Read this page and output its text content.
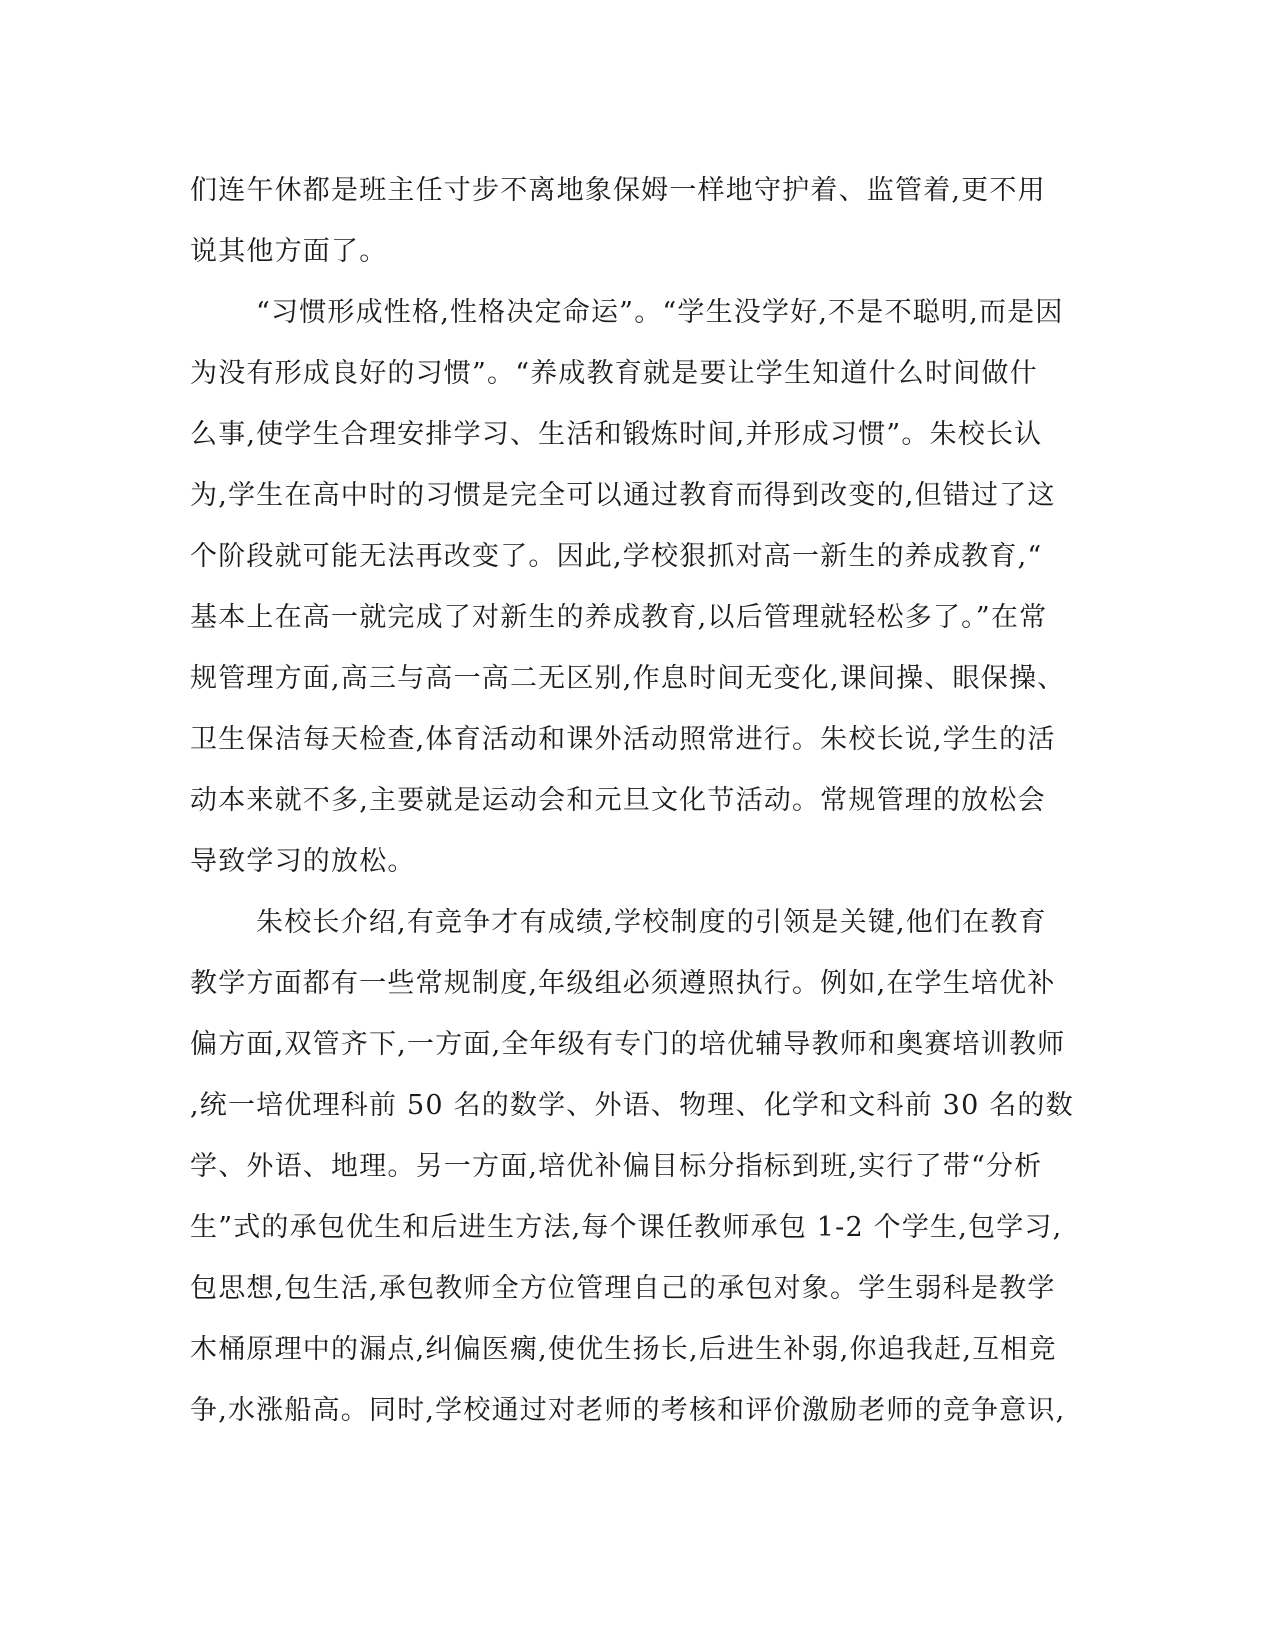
们连午休都是班主任寸步不离地象保姆一样地守护着、监管着,更不用
说其他方面了。
“习惯形成性格,性格决定命运”。“学生没学好,不是不聪明,而是因
为没有形成良好的习惯”。“养成教育就是要让学生知道什么时间做什
么事,使学生合理安排学习、生活和锻炼时间,并形成习惯”。朱校长认
为,学生在高中时的习惯是完全可以通过教育而得到改变的,但错过了这
个阶段就可能无法再改变了。因此,学校狠抓对高一新生的养成教育,“
基本上在高一就完成了对新生的养成教育,以后管理就轻松多了。”在常
规管理方面,高三与高一高二无区别,作息时间无变化,课间操、眼保操、
卫生保洁每天检查,体育活动和课外活动照常进行。朱校长说,学生的活
动本来就不多,主要就是运动会和元旦文化节活动。常规管理的放松会
导致学习的放松。
朱校长介绍,有竞争才有成绩,学校制度的引领是关键,他们在教育
教学方面都有一些常规制度,年级组必须遵照执行。例如,在学生培优补
偏方面,双管齐下,一方面,全年级有专门的培优辅导教师和奥赛培训教师
,统一培优理科前 50 名的数学、外语、物理、化学和文科前 30 名的数
学、外语、地理。另一方面,培优补偏目标分指标到班,实行了带“分析
生”式的承包优生和后进生方法,每个课任教师承包 1-2 个学生,包学习,
包思想,包生活,承包教师全方位管理自己的承包对象。学生弱科是教学
木桶原理中的漏点,纠偏医瘸,使优生扬长,后进生补弱,你追我赶,互相竞
争,水涨船高。同时,学校通过对老师的考核和评价激励老师的竞争意识,
